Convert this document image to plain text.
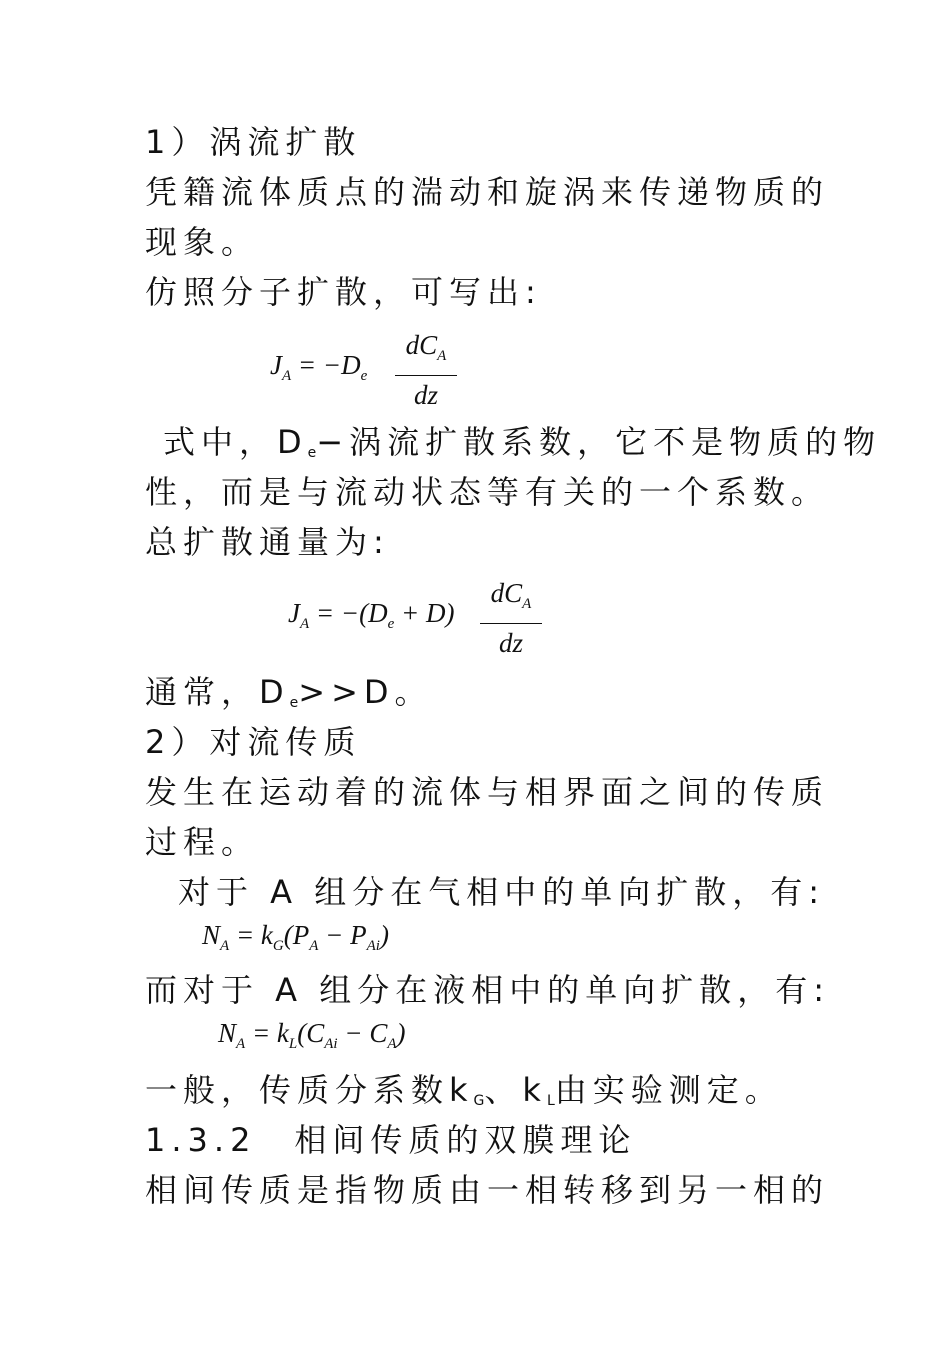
1）涡流扩散
凭籍流体质点的湍动和旋涡来传递物质的
现象。
仿照分子扩散，可写出:
$J_A = -D_e$
$dC_A$
dz
式中，$D_e-$涡流扩散系数，它不是物质的物
性，而是与流动状态等有关的一个系数。
总扩散通量为:
$J_A = -(D_e + D)$
$dC_A$
dz
通常，$D_e>>D$。
2）对流传质
发生在运动着的流体与相界面之间的传质
过程。
对于 A 组分在气相中的单向扩散，有:
$N_A = k_G(P_A - P_{Ai})$
而对于 A 组分在液相中的单向扩散，有:
$N_A = k_L(C_{Ai} - C_A)$
一般，传质分系数$k_G$、$k_L$由实验测定。
1.3.2　相间传质的双膜理论
相间传质是指物质由一相转移到另一相的
